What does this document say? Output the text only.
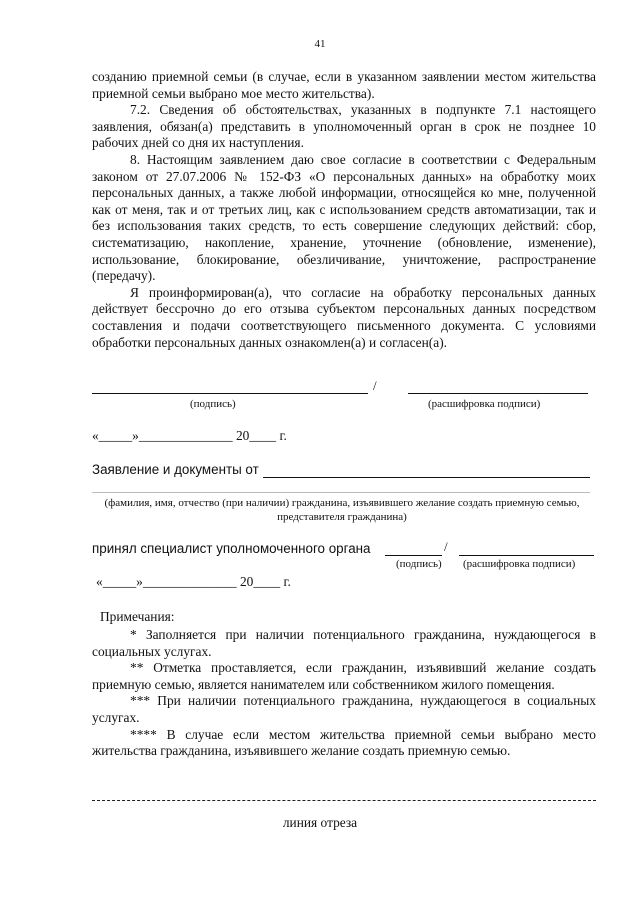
41

созданию приемной семьи (в случае, если в указанном заявлении местом жительства приемной семьи выбрано мое место жительства).

7.2. Сведения об обстоятельствах, указанных в подпункте 7.1 настоящего заявления, обязан(а) представить в уполномоченный орган в срок не позднее 10 рабочих дней со дня их наступления.

8. Настоящим заявлением даю свое согласие в соответствии с Федеральным законом от 27.07.2006 № 152-ФЗ «О персональных данных» на обработку моих персональных данных, а также любой информации, относящейся ко мне, полученной как от меня, так и от третьих лиц, как с использованием средств автоматизации, так и без использования таких средств, то есть совершение следующих действий: сбор, систематизацию, накопление, хранение, уточнение (обновление, изменение), использование, блокирование, обезличивание, уничтожение, распространение (передачу).

Я проинформирован(а), что согласие на обработку персональных данных действует бессрочно до его отзыва субъектом персональных данных посредством составления и подачи соответствующего письменного документа. С условиями обработки персональных данных ознакомлен(а) и согласен(а).

/
(подпись)	(расшифровка подписи)
«_____»______________ 20____ г.
Заявление и документы от
(фамилия, имя, отчество (при наличии) гражданина, изъявившего желание создать приемную семью, представителя гражданина)
принял специалист уполномоченного органа	/
(подпись) (расшифровка подписи)
«_____»______________ 20____ г.
Примечания:

* Заполняется при наличии потенциального гражданина, нуждающегося в социальных услугах.

** Отметка проставляется, если гражданин, изъявивший желание создать приемную семью, является нанимателем или собственником жилого помещения.

*** При наличии потенциального гражданина, нуждающегося в социальных услугах.

**** В случае если местом жительства приемной семьи выбрано место жительства гражданина, изъявившего желание создать приемную семью.

линия отреза
